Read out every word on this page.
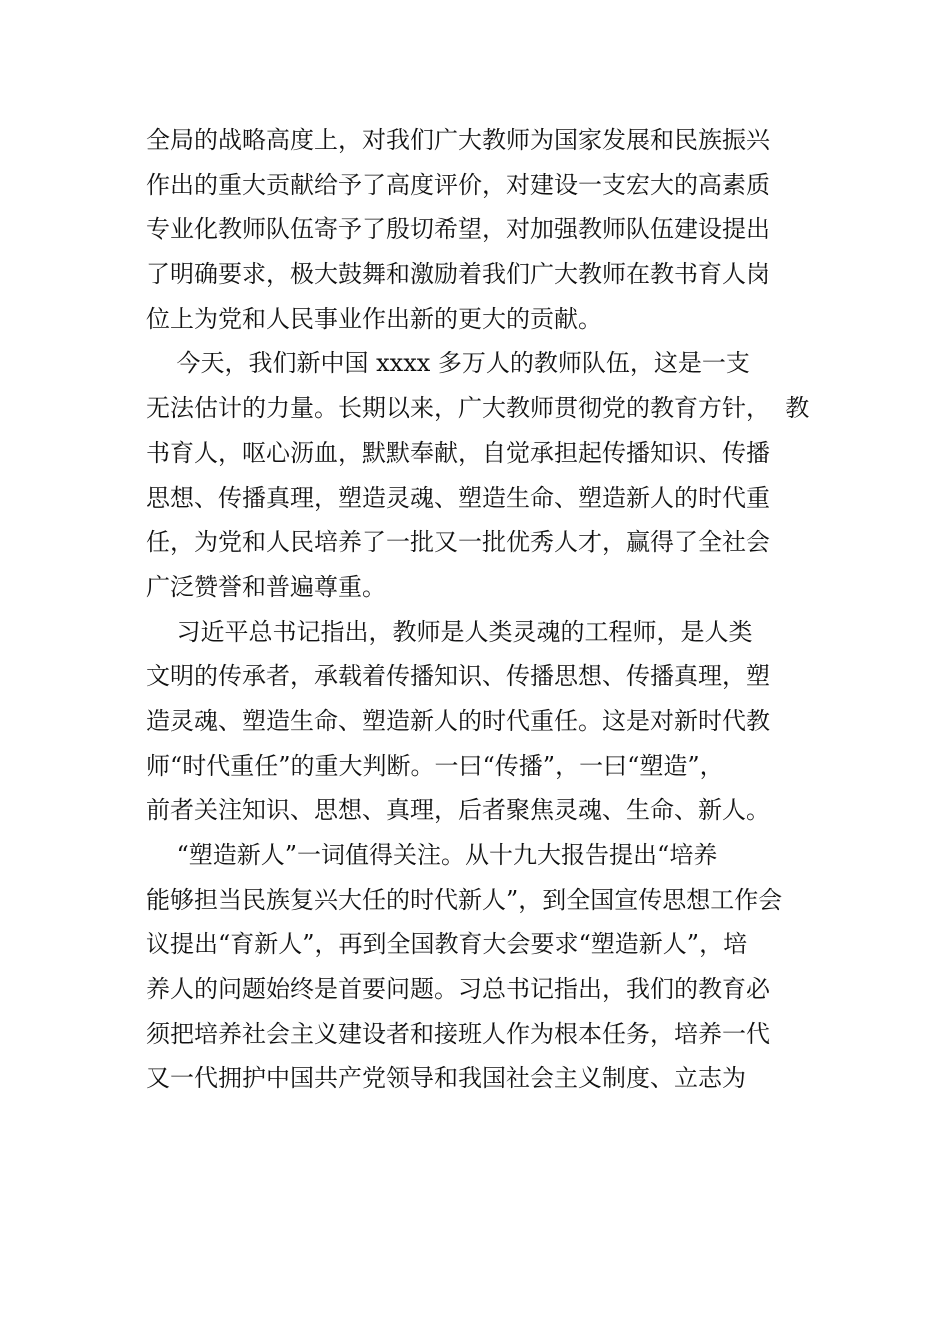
全局的战略高度上，对我们广大教师为国家发展和民族振兴

作出的重大贡献给予了高度评价，对建设一支宏大的高素质

专业化教师队伍寄予了殷切希望，对加强教师队伍建设提出

了明确要求，极大鼓舞和激励着我们广大教师在教书育人岗

位上为党和人民事业作出新的更大的贡献。

今天，我们新中国 xxxx 多万人的教师队伍，这是一支

无法估计的力量。长期以来，广大教师贯彻党的教育方针，  教

书育人，呕心沥血，默默奉献，自觉承担起传播知识、传播

思想、传播真理，塑造灵魂、塑造生命、塑造新人的时代重

任，为党和人民培养了一批又一批优秀人才，赢得了全社会

广泛赞誉和普遍尊重。

习近平总书记指出，教师是人类灵魂的工程师，是人类

文明的传承者，承载着传播知识、传播思想、传播真理，塑

造灵魂、塑造生命、塑造新人的时代重任。这是对新时代教

师“时代重任”的重大判断。一曰“传播”，一曰“塑造”，

前者关注知识、思想、真理，后者聚焦灵魂、生命、新人。

“塑造新人”一词值得关注。从十九大报告提出“培养

能够担当民族复兴大任的时代新人”，到全国宣传思想工作会

议提出“育新人”，再到全国教育大会要求“塑造新人”，培

养人的问题始终是首要问题。习总书记指出，我们的教育必

须把培养社会主义建设者和接班人作为根本任务，培养一代

又一代拥护中国共产党领导和我国社会主义制度、立志为
